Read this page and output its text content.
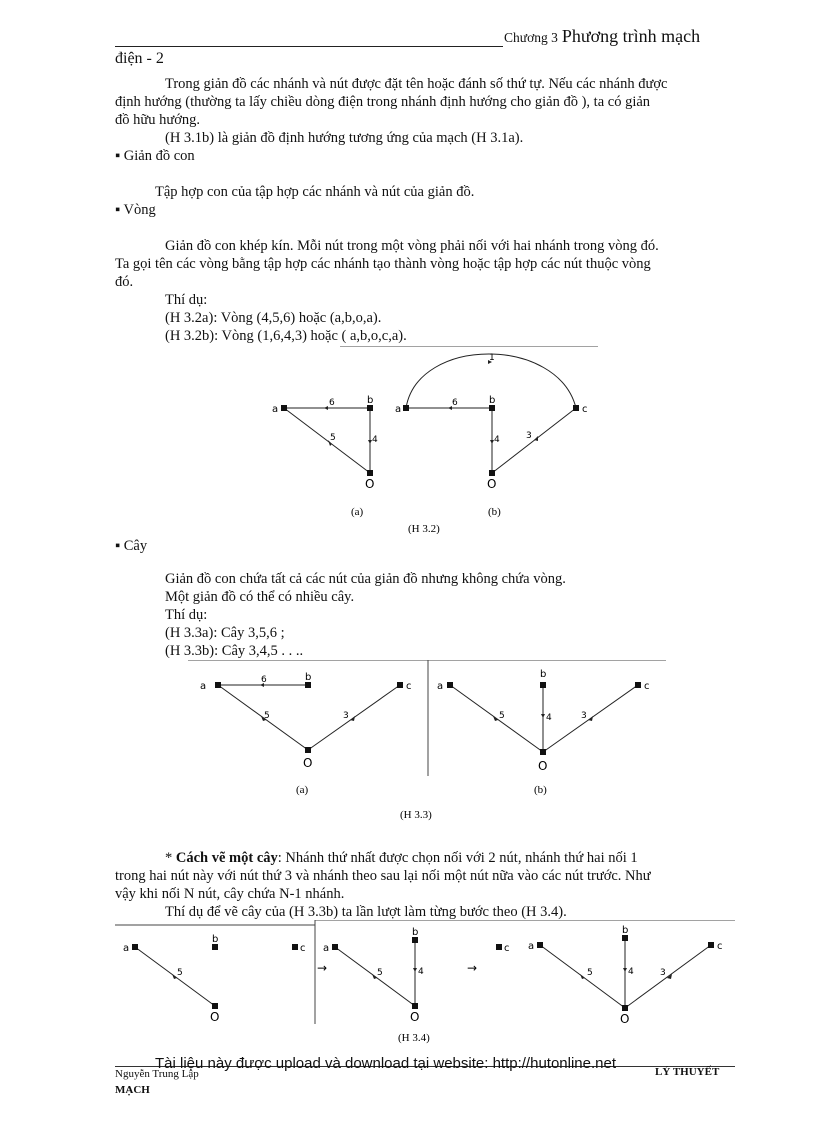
Chương 3 Phương trình mạch
điện - 2
Trong giản đồ các nhánh và nút được đặt tên hoặc đánh số thứ tự. Nếu các nhánh được
định hướng (thường ta lấy chiều dòng điện trong nhánh định hướng cho giản đồ ), ta có giản
đồ hữu hướng.
(H 3.1b) là giản đồ định hướng tương ứng của mạch (H 3.1a).
▪ Giản đồ con
Tập hợp con của tập hợp các nhánh và nút của giản đồ.
▪ Vòng
Giản đồ con khép kín. Mỗi nút trong một vòng phải nối với hai nhánh trong vòng đó.
Ta gọi tên các vòng bằng tập hợp các nhánh tạo thành vòng hoặc tập hợp các nút thuộc vòng
đó.
Thí dụ:
(H 3.2a): Vòng (4,5,6) hoặc (a,b,o,a).
(H 3.2b): Vòng (1,6,4,3) hoặc ( a,b,o,c,a).
a
b
O
6
5	4
a
b
c
O
1
6
4	3
(a)	(b)
(H 3.2)
▪ Cây
Giản đồ con chứa tất cả các nút của giản đồ nhưng không chứa vòng.
Một giản đồ có thể có nhiều cây.
Thí dụ:
(H 3.3a): Cây 3,5,6 ;
(H 3.3b): Cây 3,4,5 . . ..
a
b
c
O
6
5	3
a
b
c
O
5	4	3
(a)	(b)
(H 3.3)
* Cách vẽ một cây: Nhánh thứ nhất được chọn nối với 2 nút, nhánh thứ hai nối 1
trong hai nút này với nút thứ 3 và nhánh theo sau lại nối một nút nữa vào các nút trước. Như
vậy khi nối N nút, cây chứa N-1 nhánh.
Thí dụ để vẽ cây của (H 3.3b) ta lần lượt làm từng bước theo (H 3.4).
a
b
c
O
5	→
a
b
c
O
5	4	→
a
b
c
O
5	4	3
(H 3.4)
Tài liệu này được upload và download tại website: http://hutonline.net
Nguyễn Trung Lập	LÝ THUYẾT
MẠCH
